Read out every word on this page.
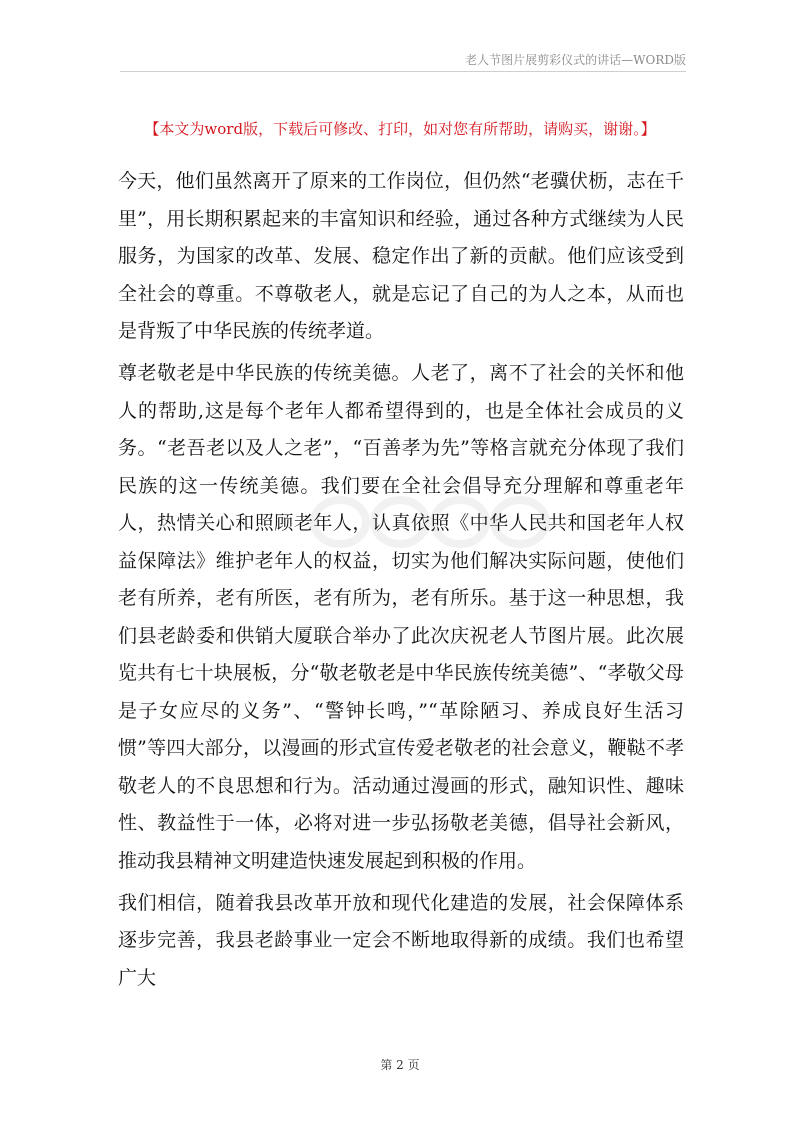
老人节图片展剪彩仪式的讲话—WORD版
【本文为word版，下载后可修改、打印，如对您有所帮助，请购买，谢谢。】

今天，他们虽然离开了原来的工作岗位，但仍然“老骥伏枥，志在千里”，用长期积累起来的丰富知识和经验，通过各种方式继续为人民服务，为国家的改革、发展、稳定作出了新的贡献。他们应该受到全社会的尊重。不尊敬老人，就是忘记了自己的为人之本，从而也是背叛了中华民族的传统孝道。

尊老敬老是中华民族的传统美德。人老了，离不了社会的关怀和他人的帮助,这是每个老年人都希望得到的，也是全体社会成员的义务。“老吾老以及人之老”，“百善孝为先”等格言就充分体现了我们民族的这一传统美德。我们要在全社会倡导充分理解和尊重老年人，热情关心和照顾老年人，认真依照《中华人民共和国老年人权益保障法》维护老年人的权益，切实为他们解决实际问题，使他们老有所养，老有所医，老有所为，老有所乐。基于这一种思想，我们县老龄委和供销大厦联合举办了此次庆祝老人节图片展。此次展览共有七十块展板，分“敬老敬老是中华民族传统美德”、“孝敬父母是子女应尽的义务”、“警钟长鸣，”“革除陋习、养成良好生活习惯”等四大部分，以漫画的形式宣传爱老敬老的社会意义，鞭鞑不孝敬老人的不良思想和行为。活动通过漫画的形式，融知识性、趣味性、教益性于一体，必将对进一步弘扬敬老美德，倡导社会新风，推动我县精神文明建造快速发展起到积极的作用。

我们相信，随着我县改革开放和现代化建造的发展，社会保障体系逐步完善，我县老龄事业一定会不断地取得新的成绩。我们也希望广大

第 2 页
